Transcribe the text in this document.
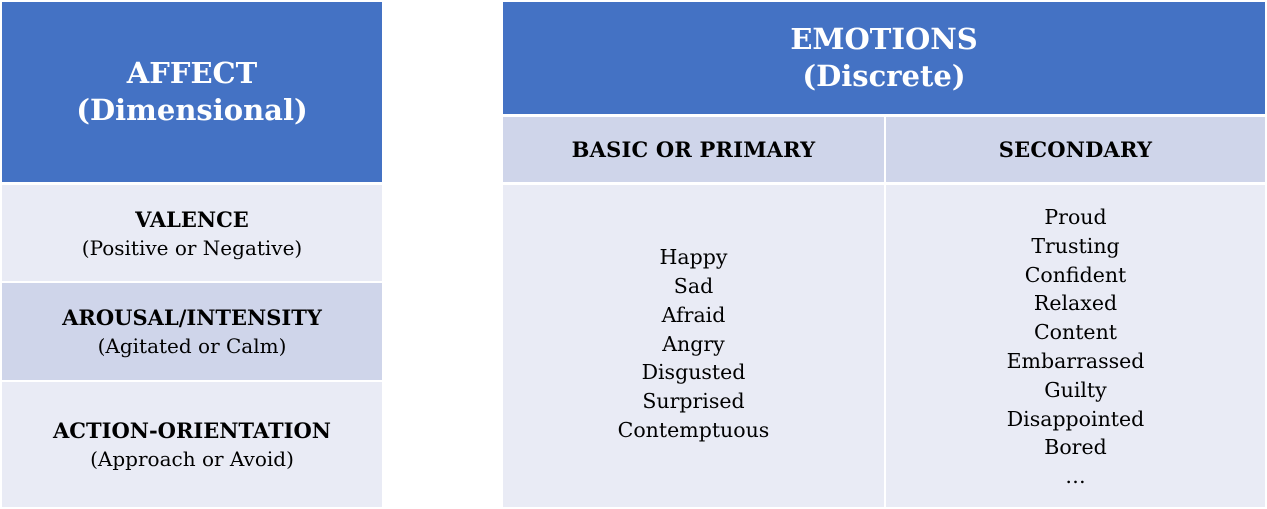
AFFECT
(Dimensional)
VALENCE
(Positive or Negative)
AROUSAL/INTENSITY
(Agitated or Calm)
ACTION-ORIENTATION
(Approach or Avoid)
EMOTIONS
(Discrete)
BASIC OR PRIMARY	SECONDARY
Happy
Sad
Afraid
Angry
Disgusted
Surprised
Contemptuous
Proud
Trusting
Confident
Relaxed
Content
Embarrassed
Guilty
Disappointed
Bored
…
